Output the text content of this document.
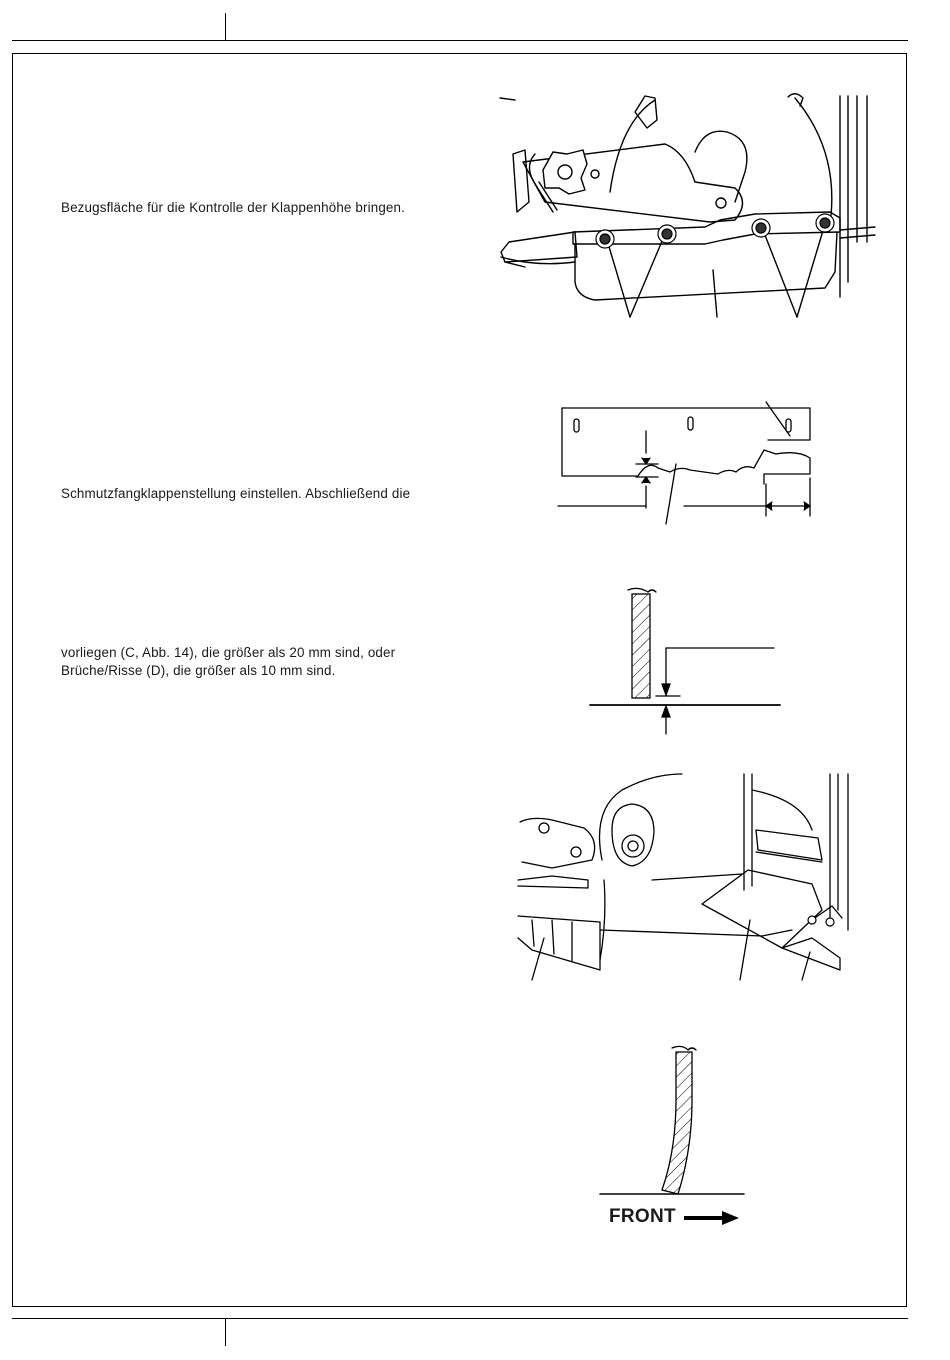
Bezugsfläche für die Kontrolle der Klappenhöhe bringen.
Schmutzfangklappenstellung einstellen. Abschließend die
vorliegen (C, Abb. 14), die größer als 20 mm sind, oder
Brüche/Risse (D), die größer als 10 mm sind.
FRONT
